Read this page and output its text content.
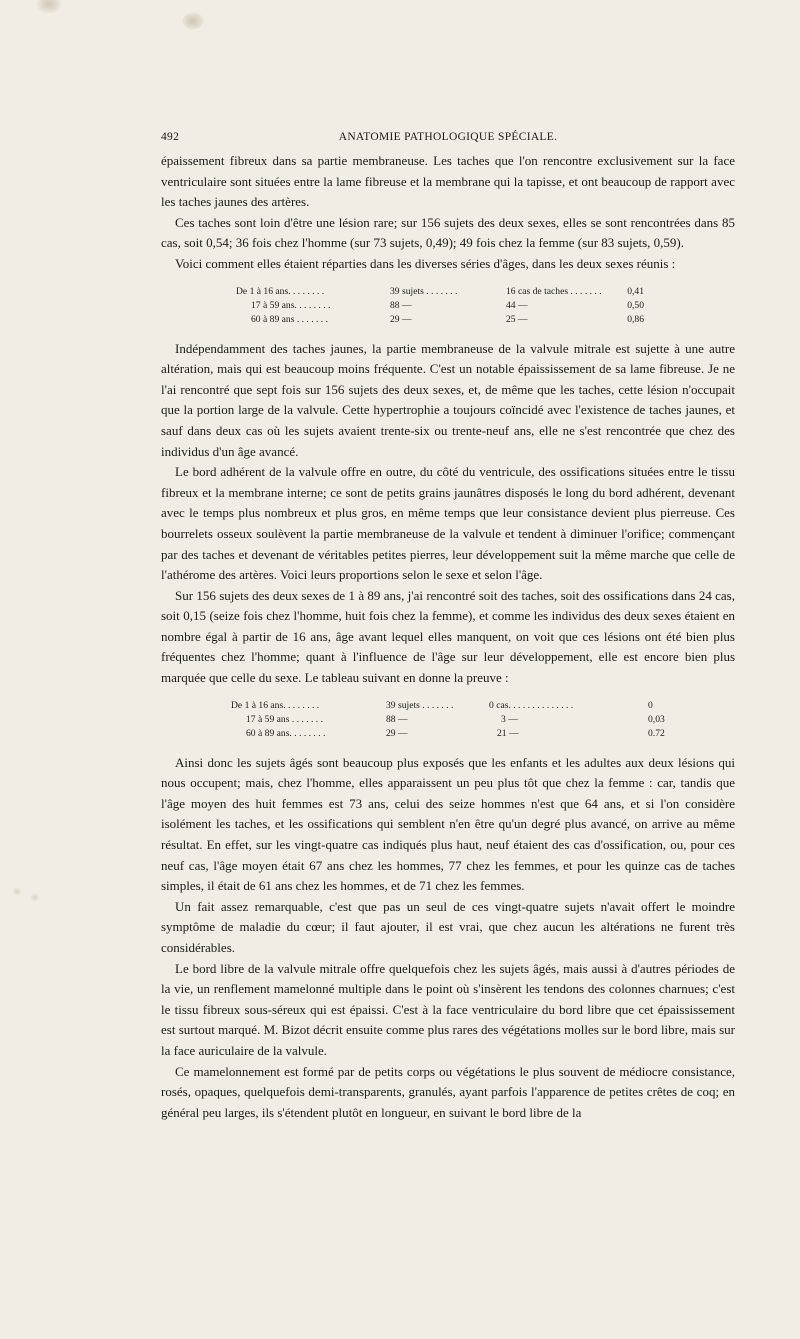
492	ANATOMIE PATHOLOGIQUE SPÉCIALE.

épaissement fibreux dans sa partie membraneuse. Les taches que l'on rencontre exclusivement sur la face ventriculaire sont situées entre la lame fibreuse et la membrane qui la tapisse, et ont beaucoup de rapport avec les taches jaunes des artères.

Ces taches sont loin d'être une lésion rare; sur 156 sujets des deux sexes, elles se sont rencontrées dans 85 cas, soit 0,54; 36 fois chez l'homme (sur 73 sujets, 0,49); 49 fois chez la femme (sur 83 sujets, 0,59).

Voici comment elles étaient réparties dans les diverses séries d'âges, dans les deux sexes réunis :

De 1 à 16 ans. . . . . . . .	39 sujets . . . . . . .	16 cas de taches . . . . . . .	0,41
17 à 59 ans. . . . . . . .	88 —	44 —	0,50
60 à 89 ans . . . . . . .	29 —	25 —	0,86

Indépendamment des taches jaunes, la partie membraneuse de la valvule mitrale est sujette à une autre altération, mais qui est beaucoup moins fréquente. C'est un notable épaississement de sa lame fibreuse. Je ne l'ai rencontré que sept fois sur 156 sujets des deux sexes, et, de même que les taches, cette lésion n'occupait que la portion large de la valvule. Cette hypertrophie a toujours coïncidé avec l'existence de taches jaunes, et sauf dans deux cas où les sujets avaient trente-six ou trente-neuf ans, elle ne s'est rencontrée que chez des individus d'un âge avancé.

Le bord adhérent de la valvule offre en outre, du côté du ventricule, des ossifications situées entre le tissu fibreux et la membrane interne; ce sont de petits grains jaunâtres disposés le long du bord adhérent, devenant avec le temps plus nombreux et plus gros, en même temps que leur consistance devient plus pierreuse. Ces bourrelets osseux soulèvent la partie membraneuse de la valvule et tendent à diminuer l'orifice; commençant par des taches et devenant de véritables petites pierres, leur développement suit la même marche que celle de l'athérome des artères. Voici leurs proportions selon le sexe et selon l'âge.

Sur 156 sujets des deux sexes de 1 à 89 ans, j'ai rencontré soit des taches, soit des ossifications dans 24 cas, soit 0,15 (seize fois chez l'homme, huit fois chez la femme), et comme les individus des deux sexes étaient en nombre égal à partir de 16 ans, âge avant lequel elles manquent, on voit que ces lésions ont été bien plus fréquentes chez l'homme; quant à l'influence de l'âge sur leur développement, elle est encore bien plus marquée que celle du sexe. Le tableau suivant en donne la preuve :

De 1 à 16 ans. . . . . . . .	39 sujets . . . . . . .	0 cas. . . . . . . . . . . . . .	0
17 à 59 ans . . . . . . .	88 —	3 —	0,03
60 à 89 ans. . . . . . . .	29 —	21 —	0.72

Ainsi donc les sujets âgés sont beaucoup plus exposés que les enfants et les adultes aux deux lésions qui nous occupent; mais, chez l'homme, elles apparaissent un peu plus tôt que chez la femme : car, tandis que l'âge moyen des huit femmes est 73 ans, celui des seize hommes n'est que 64 ans, et si l'on considère isolément les taches, et les ossifications qui semblent n'en être qu'un degré plus avancé, on arrive au même résultat. En effet, sur les vingt-quatre cas indiqués plus haut, neuf étaient des cas d'ossification, ou, pour ces neuf cas, l'âge moyen était 67 ans chez les hommes, 77 chez les femmes, et pour les quinze cas de taches simples, il était de 61 ans chez les hommes, et de 71 chez les femmes.

Un fait assez remarquable, c'est que pas un seul de ces vingt-quatre sujets n'avait offert le moindre symptôme de maladie du cœur; il faut ajouter, il est vrai, que chez aucun les altérations ne furent très considérables.

Le bord libre de la valvule mitrale offre quelquefois chez les sujets âgés, mais aussi à d'autres périodes de la vie, un renflement mamelonné multiple dans le point où s'insèrent les tendons des colonnes charnues; c'est le tissu fibreux sous-séreux qui est épaissi. C'est à la face ventriculaire du bord libre que cet épaississement est surtout marqué. M. Bizot décrit ensuite comme plus rares des végétations molles sur le bord libre, mais sur la face auriculaire de la valvule.

Ce mamelonnement est formé par de petits corps ou végétations le plus souvent de médiocre consistance, rosés, opaques, quelquefois demi-transparents, granulés, ayant parfois l'apparence de petites crêtes de coq; en général peu larges, ils s'étendent plutôt en longueur, en suivant le bord libre de la
